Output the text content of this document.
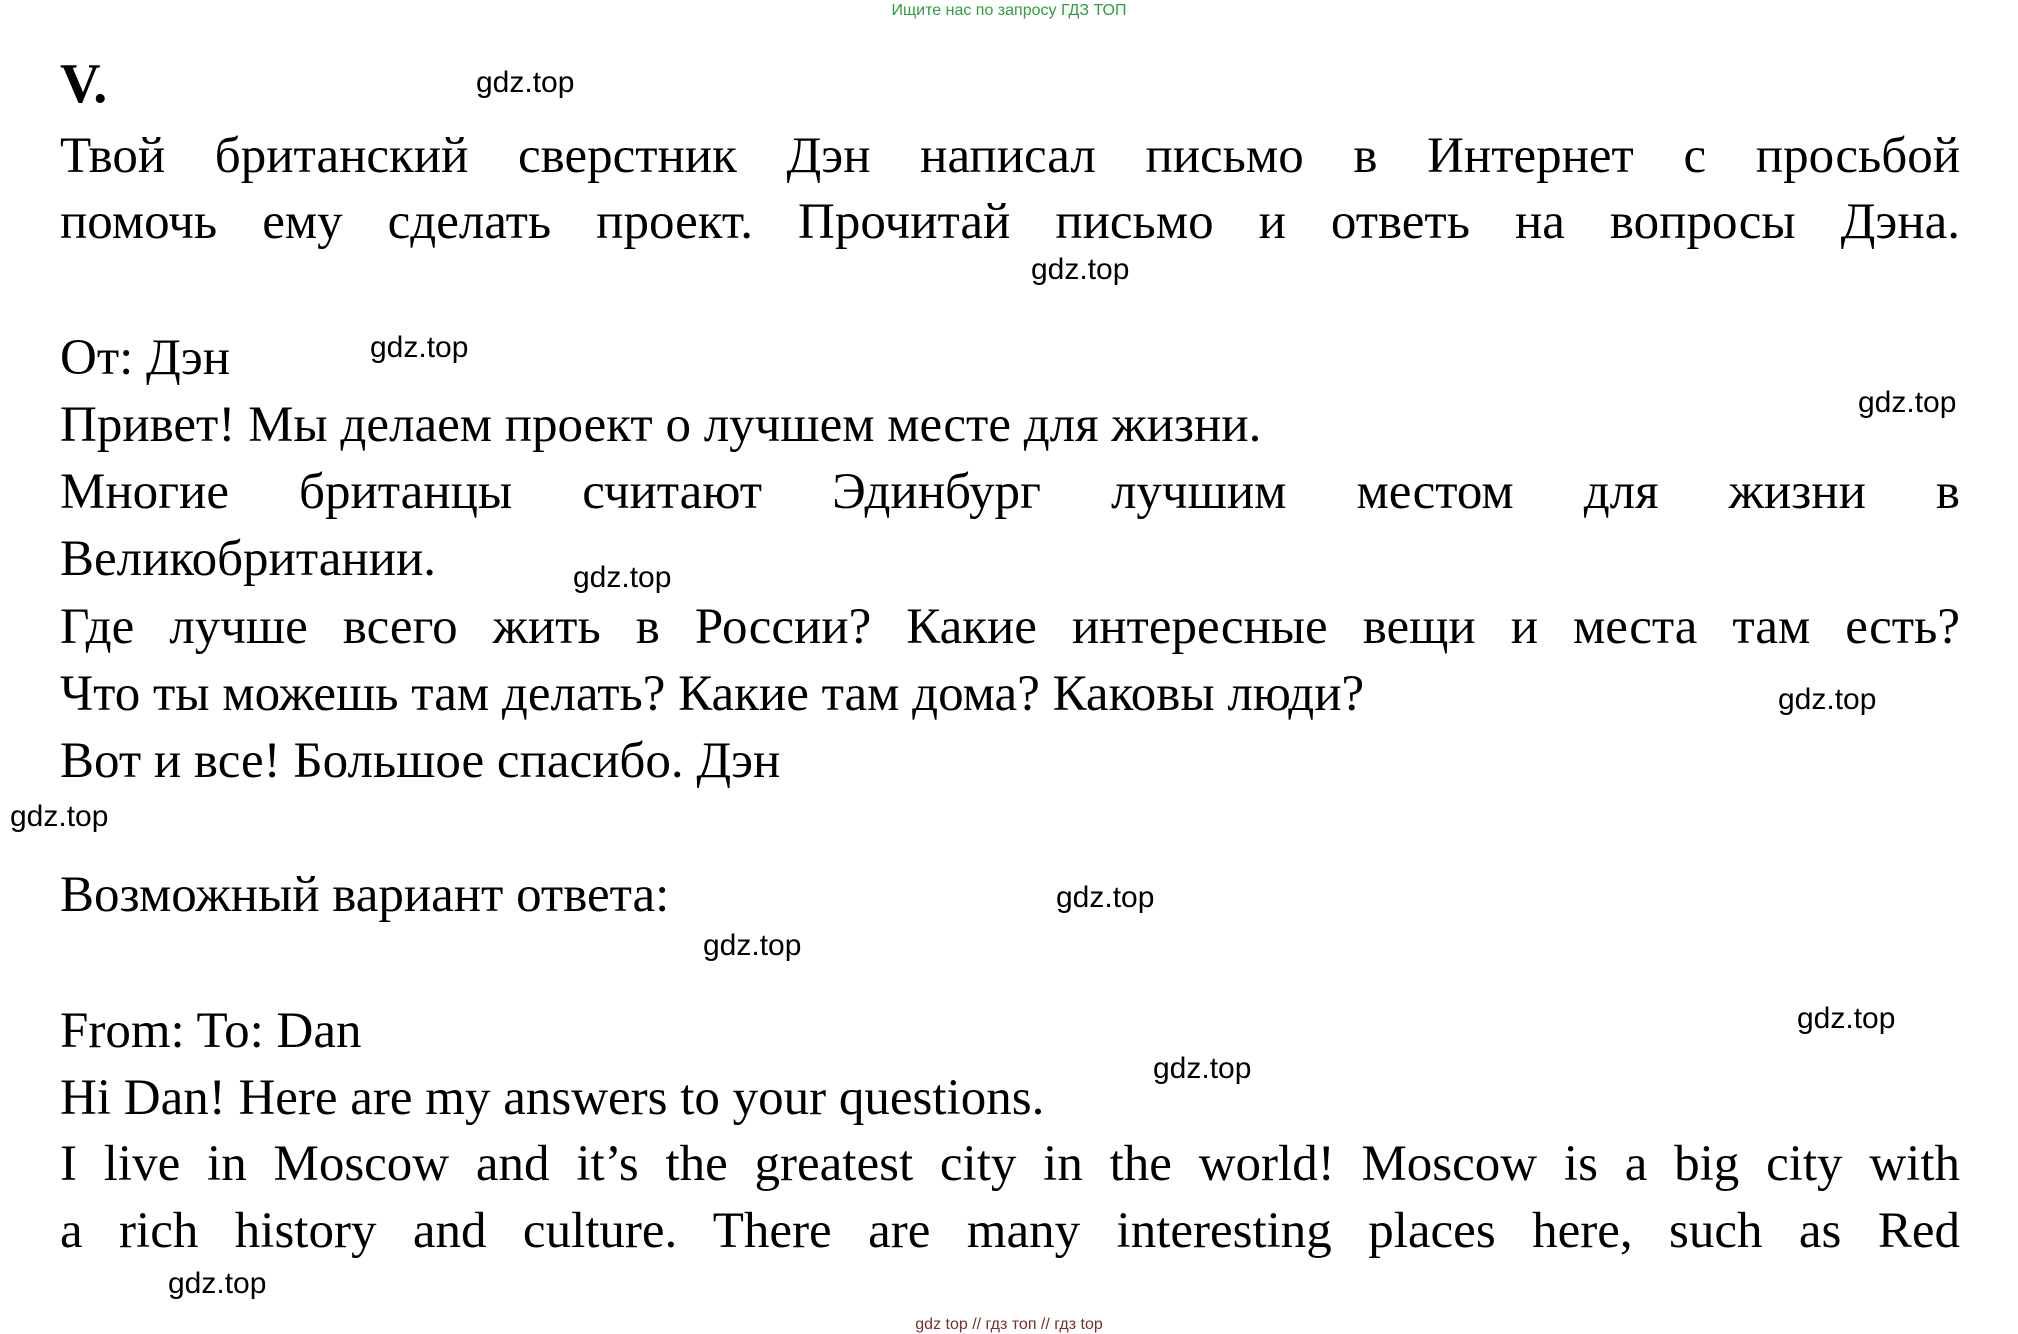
Ищите нас по запросу ГДЗ ТОП
V.
Твой британский сверстник Дэн написал письмо в Интернет с просьбой
помочь ему сделать проект. Прочитай письмо и ответь на вопросы Дэна.
От: Дэн
Привет! Мы делаем проект о лучшем месте для жизни.
Многие британцы считают Эдинбург лучшим местом для жизни в
Великобритании.
Где лучше всего жить в России? Какие интересные вещи и места там есть?
Что ты можешь там делать? Какие там дома? Каковы люди?
Вот и все! Большое спасибо. Дэн
Возможный вариант ответа:
From: To: Dan
Hi Dan! Here are my answers to your questions.
I live in Moscow and it’s the greatest city in the world! Moscow is a big city with
a rich history and culture. There are many interesting places here, such as Red
gdz.top
gdz.top
gdz.top
gdz.top
gdz.top
gdz.top
gdz.top
gdz.top
gdz.top
gdz.top
gdz.top
gdz.top
gdz top // гдз топ // гдз top
